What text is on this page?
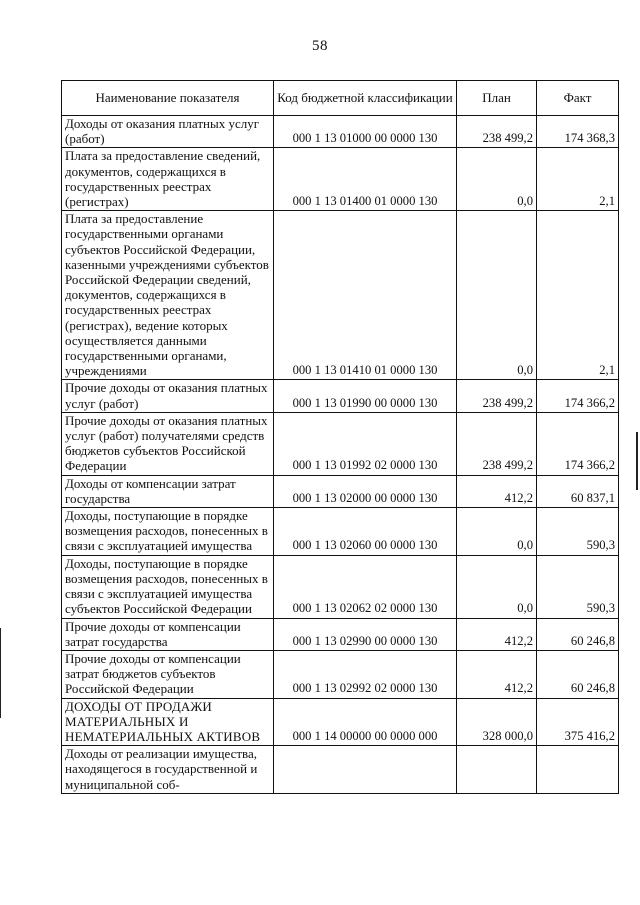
58
Наименование показателя	Код бюджетной классификации	План	Факт
Доходы от оказания платных услуг (работ)	000 1 13 01000 00 0000 130	238 499,2	174 368,3
Плата за предоставление сведений, документов, содержащихся в государственных реестрах (регистрах)	000 1 13 01400 01 0000 130	0,0	2,1
Плата за предоставление государственными органами субъектов Российской Федерации, казенными учреждениями субъектов Российской Федерации сведений, документов, содержащихся в государственных реестрах (регистрах), ведение которых осуществляется данными государственными органами, учреждениями	000 1 13 01410 01 0000 130	0,0	2,1
Прочие доходы от оказания платных услуг (работ)	000 1 13 01990 00 0000 130	238 499,2	174 366,2
Прочие доходы от оказания платных услуг (работ) получателями средств бюджетов субъектов Российской Федерации	000 1 13 01992 02 0000 130	238 499,2	174 366,2
Доходы от компенсации затрат государства	000 1 13 02000 00 0000 130	412,2	60 837,1
Доходы, поступающие в порядке возмещения расходов, понесенных в связи с эксплуатацией имущества	000 1 13 02060 00 0000 130	0,0	590,3
Доходы, поступающие в порядке возмещения расходов, понесенных в связи с эксплуатацией имущества субъектов Российской Федерации	000 1 13 02062 02 0000 130	0,0	590,3
Прочие доходы от компенсации затрат государства	000 1 13 02990 00 0000 130	412,2	60 246,8
Прочие доходы от компенсации затрат бюджетов субъектов Российской Федерации	000 1 13 02992 02 0000 130	412,2	60 246,8
ДОХОДЫ ОТ ПРОДАЖИ МАТЕРИАЛЬНЫХ И НЕМАТЕРИАЛЬНЫХ АКТИВОВ	000 1 14 00000 00 0000 000	328 000,0	375 416,2
Доходы от реализации имущества, находящегося в государственной и муниципальной соб-			
